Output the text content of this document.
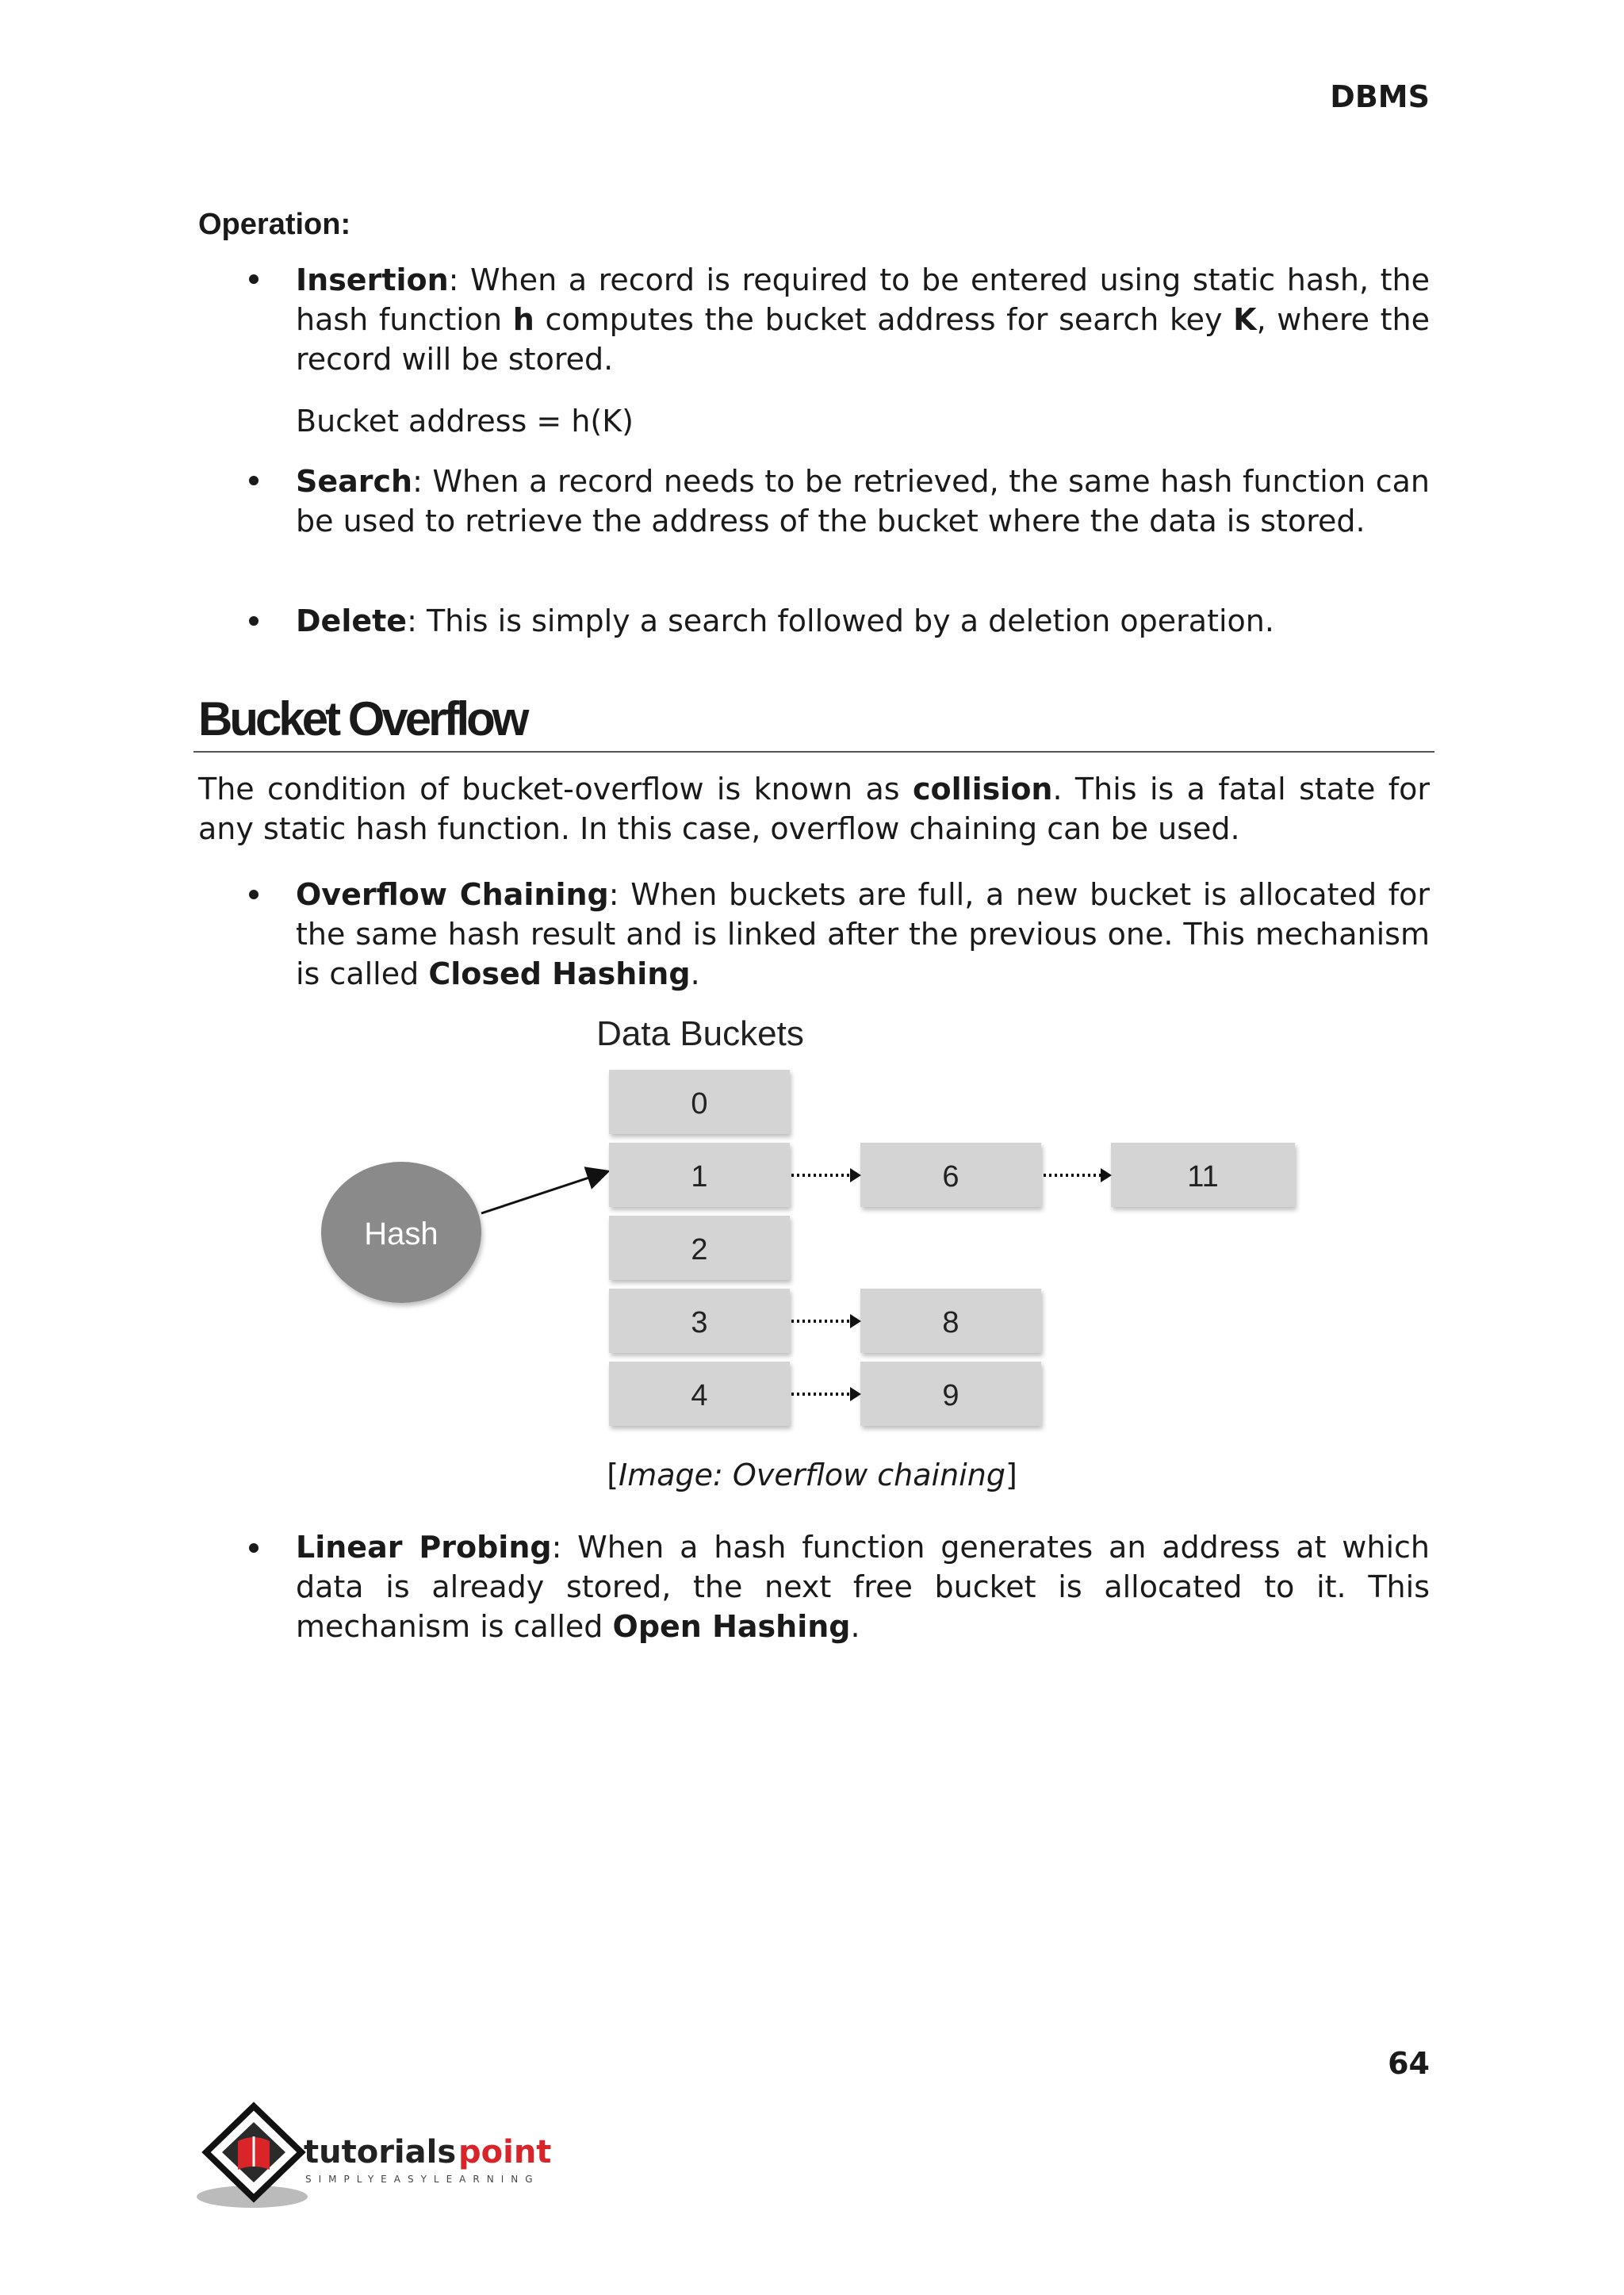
DBMS
Operation:
Insertion: When a record is required to be entered using static hash, the hash function h computes the bucket address for search key K, where the record will be stored.
Bucket address = h(K)
Search: When a record needs to be retrieved, the same hash function can be used to retrieve the address of the bucket where the data is stored.
Delete: This is simply a search followed by a deletion operation.
Bucket Overflow
The condition of bucket-overflow is known as collision. This is a fatal state for any static hash function. In this case, overflow chaining can be used.
Overflow Chaining: When buckets are full, a new bucket is allocated for the same hash result and is linked after the previous one. This mechanism is called Closed Hashing.
Data Buckets
Hash
0
1
2
3
4
6	11
8
9
tutorials point
SIMPLYEASYLEARNING
[Image: Overflow chaining]
Linear Probing: When a hash function generates an address at which data is already stored, the next free bucket is allocated to it. This mechanism is called Open Hashing.
64
